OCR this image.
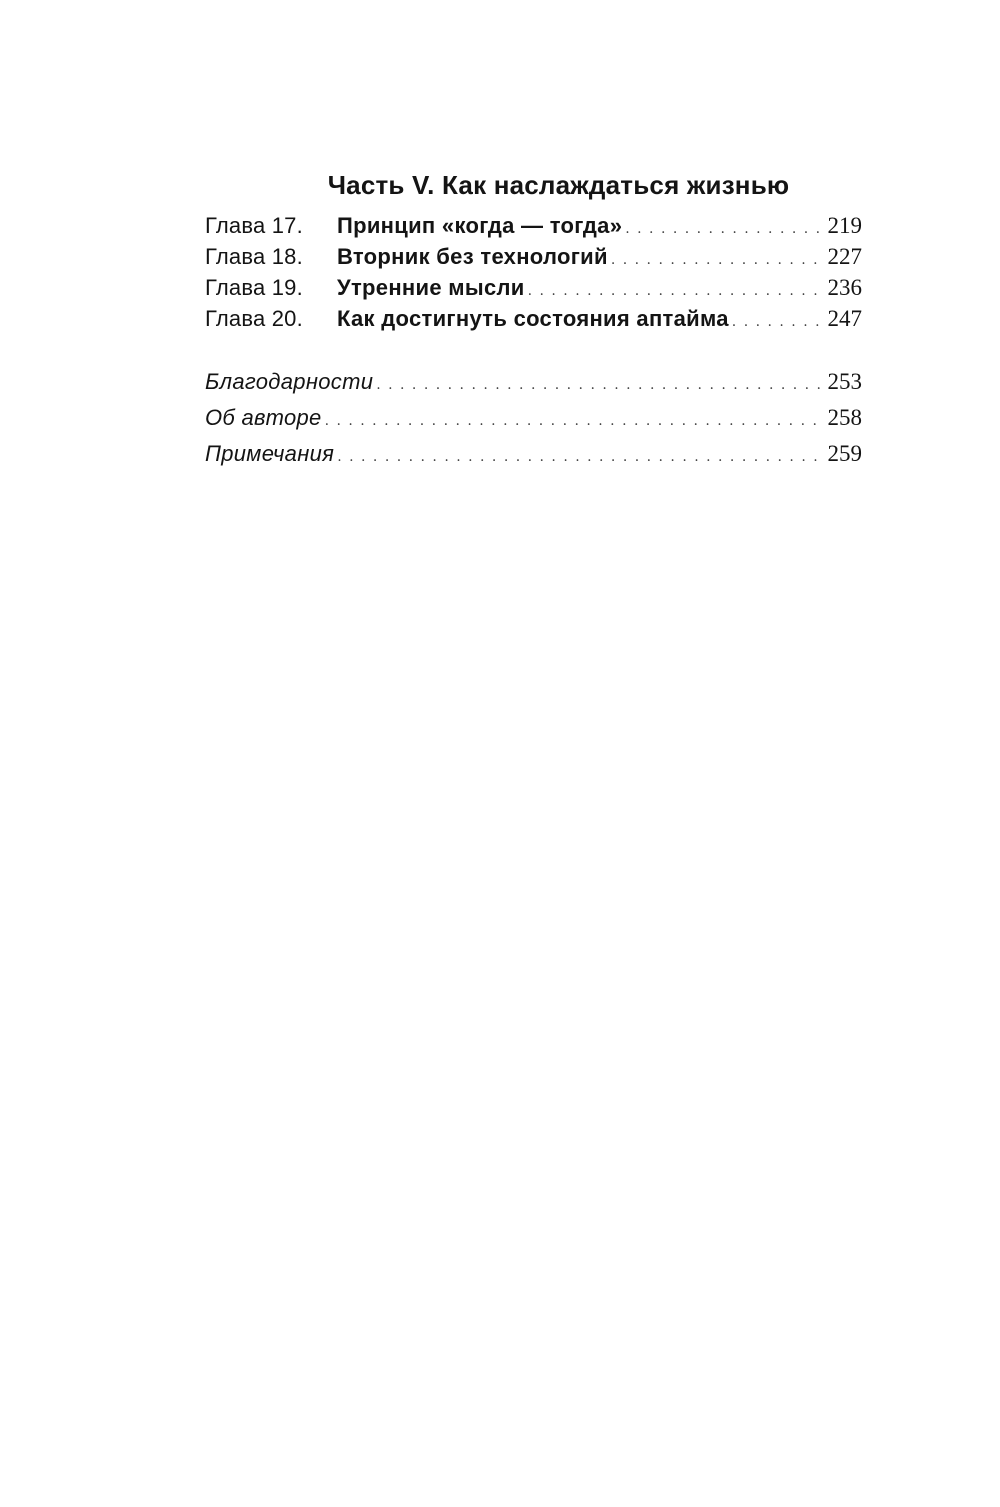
Часть V. Как наслаждаться жизнью
Глава 17.	Принцип «когда — тогда» . . .	219
Глава 18.	Вторник без технологий . . .	227
Глава 19.	Утренние мысли . . .	236
Глава 20.	Как достигнуть состояния аптайма . . .	247
Благодарности . . .	253
Об авторе . . .	258
Примечания . . .	259
